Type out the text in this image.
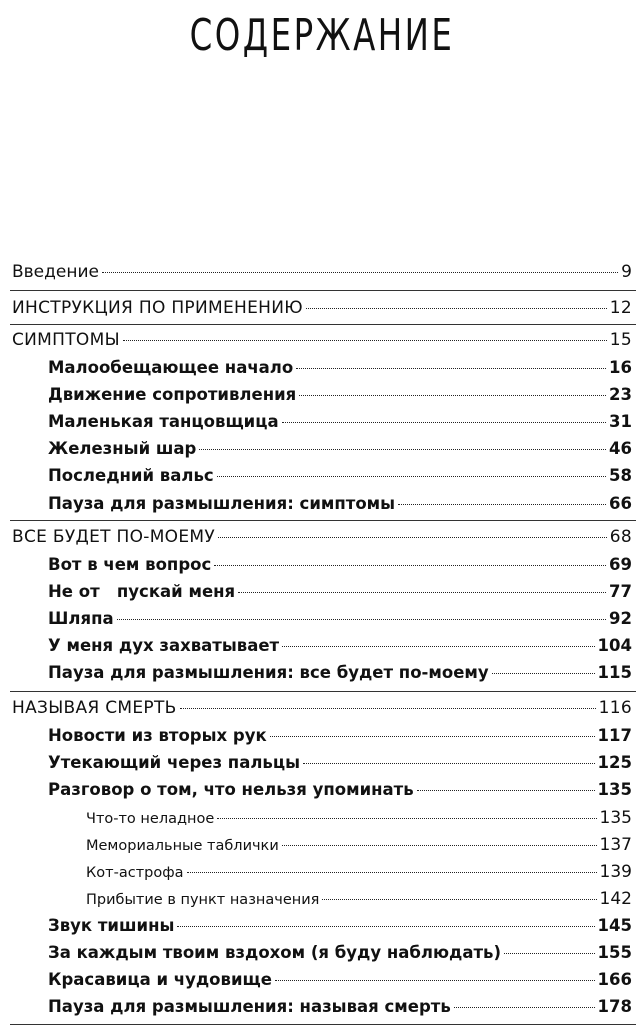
СОДЕРЖАНИЕ
Введение	9
ИНСТРУКЦИЯ ПО ПРИМЕНЕНИЮ	12
СИМПТОМЫ	15
Малообещающее начало	16
Движение сопротивления	23
Маленькая танцовщица	31
Железный шар	46
Последний вальс	58
Пауза для размышления: симптомы	66
ВСЕ БУДЕТ ПО-МОЕМУ	68
Вот в чем вопрос	69
Не от   пускай меня	77
Шляпа	92
У меня дух захватывает	104
Пауза для размышления: все будет по-моему	115
НАЗЫВАЯ СМЕРТЬ	116
Новости из вторых рук	117
Утекающий через пальцы	125
Разговор о том, что нельзя упоминать	135
Что-то неладное	135
Мемориальные таблички	137
Кот-астрофа	139
Прибытие в пункт назначения	142
Звук тишины	145
За каждым твоим вздохом (я буду наблюдать)	155
Красавица и чудовище	166
Пауза для размышления: называя смерть	178
